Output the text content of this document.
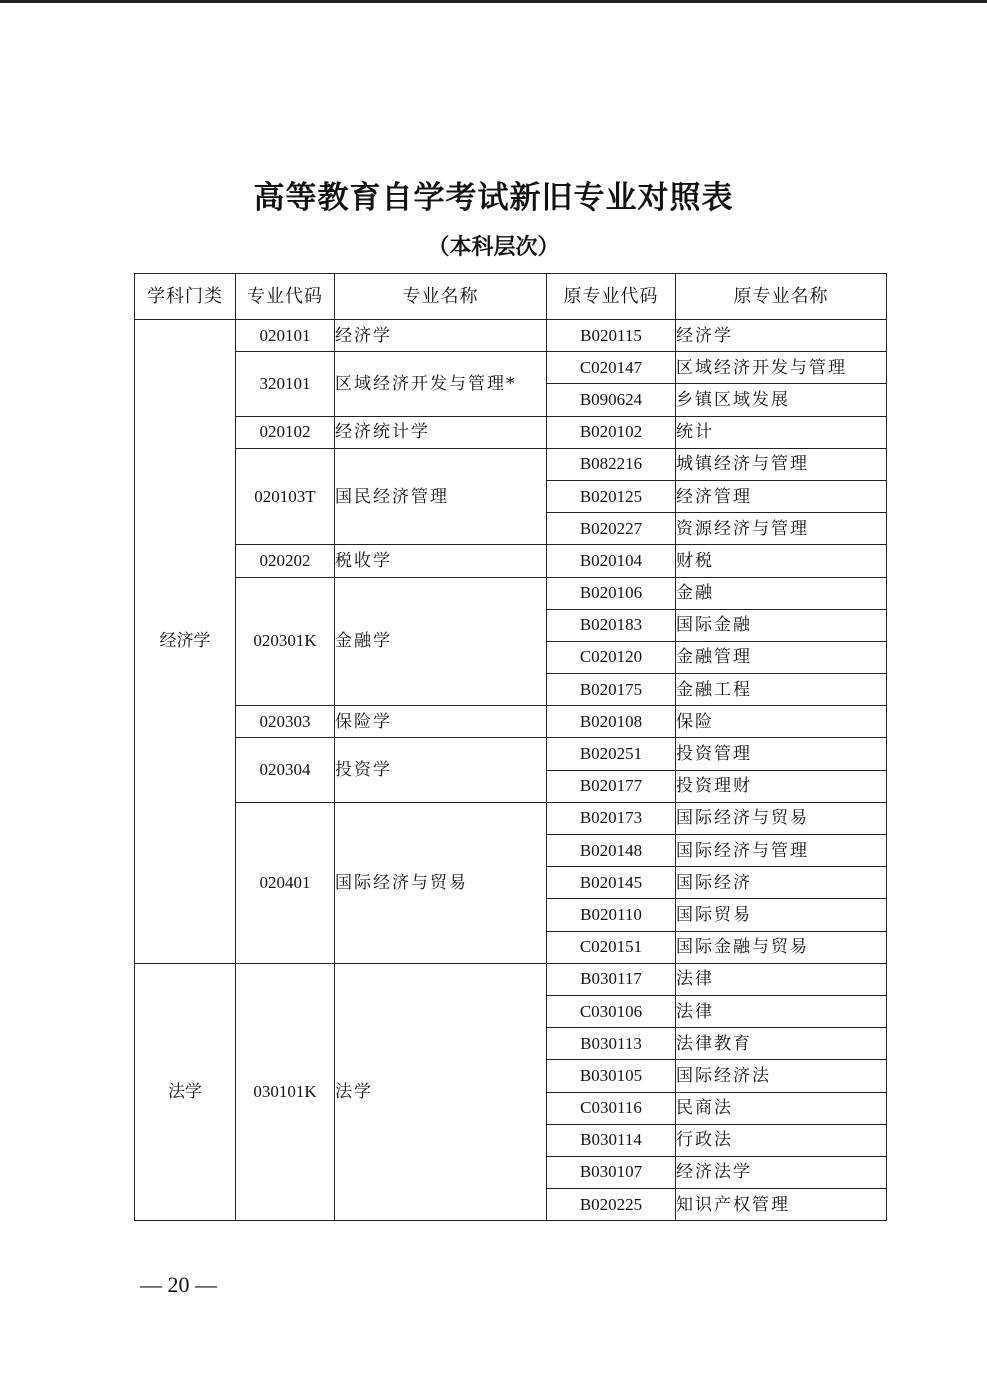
高等教育自学考试新旧专业对照表
（本科层次）
学科门类	专业代码	专业名称	原专业代码	原专业名称
经济学	020101	经济学	B020115	经济学
	320101	区域经济开发与管理*	C020147	区域经济开发与管理
			B090624	乡镇区域发展
	020102	经济统计学	B020102	统计
	020103T	国民经济管理	B082216	城镇经济与管理
			B020125	经济管理
			B020227	资源经济与管理
	020202	税收学	B020104	财税
	020301K	金融学	B020106	金融
			B020183	国际金融
			C020120	金融管理
			B020175	金融工程
	020303	保险学	B020108	保险
	020304	投资学	B020251	投资管理
			B020177	投资理财
	020401	国际经济与贸易	B020173	国际经济与贸易
			B020148	国际经济与管理
			B020145	国际经济
			B020110	国际贸易
			C020151	国际金融与贸易
法学	030101K	法学	B030117	法律
			C030106	法律
			B030113	法律教育
			B030105	国际经济法
			C030116	民商法
			B030114	行政法
			B030107	经济法学
			B020225	知识产权管理
— 20 —
